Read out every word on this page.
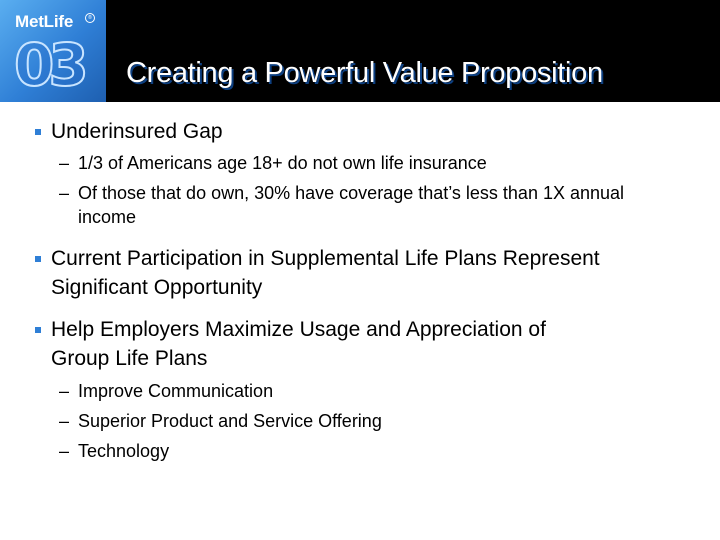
MetLife	®
03 Creating a Powerful Value Proposition
Underinsured Gap
– 1/3 of Americans age 18+ do not own life insurance
– Of those that do own, 30% have coverage that’s less than 1X annual
income
Current Participation in Supplemental Life Plans Represent
Significant Opportunity
Help Employers Maximize Usage and Appreciation of
Group Life Plans
– Improve Communication
– Superior Product and Service Offering
– Technology
